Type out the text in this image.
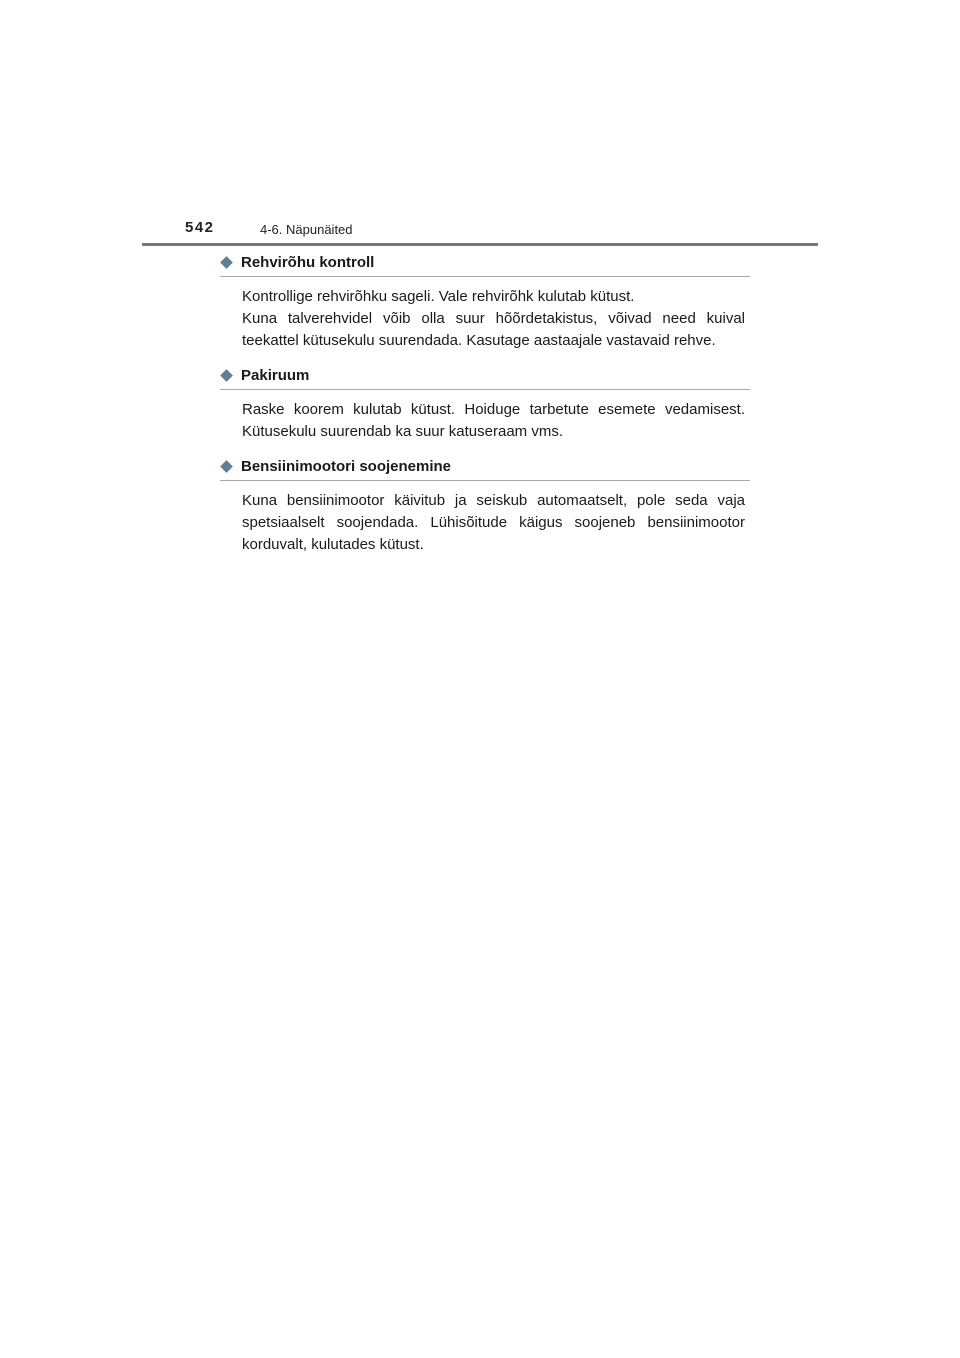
542	4-6. Näpunäited
Rehvirõhu kontroll

Kontrollige rehvirõhku sageli. Vale rehvirõhk kulutab kütust.

Kuna talverehvidel võib olla suur hõõrdetakistus, võivad need kuival teekattel kütusekulu suurendada. Kasutage aastaajale vastavaid rehve.

Pakiruum

Raske koorem kulutab kütust. Hoiduge tarbetute esemete vedamisest. Kütusekulu suurendab ka suur katuseraam vms.

Bensiinimootori soojenemine

Kuna bensiinimootor käivitub ja seiskub automaatselt, pole seda vaja spetsiaalselt soojendada. Lühisõitude käigus soojeneb bensiinimootor korduvalt, kulutades kütust.
